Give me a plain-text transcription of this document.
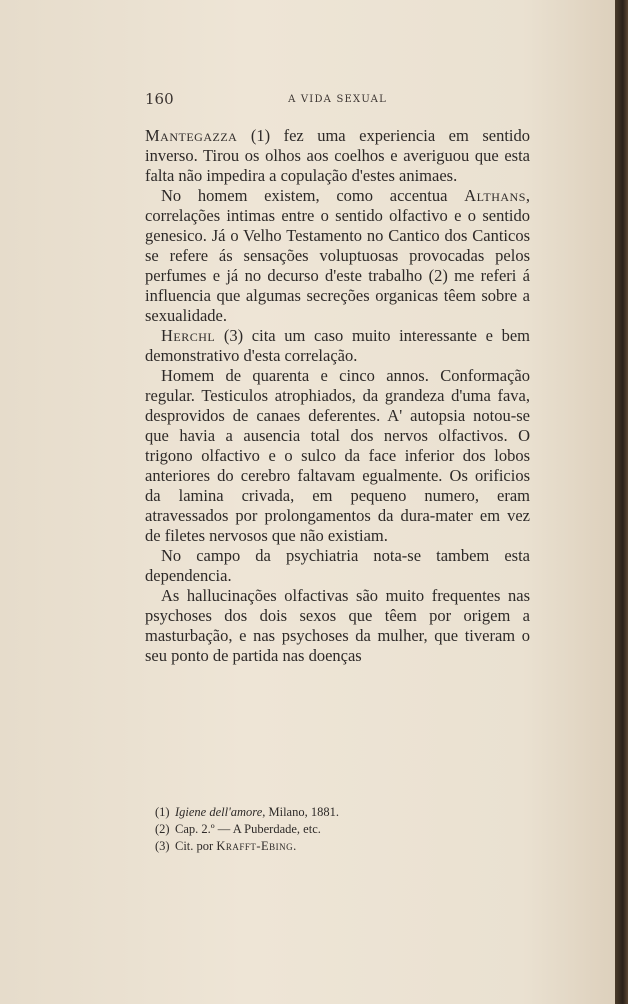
160	A VIDA SEXUAL

Mantegazza (1) fez uma experiencia em sentido inverso. Tirou os olhos aos coelhos e averiguou que esta falta não impedira a copulação d'estes animaes.

No homem existem, como accentua Althans, correlações intimas entre o sentido olfactivo e o sentido genesico. Já o Velho Testamento no Cantico dos Canticos se refere ás sensações voluptuosas provocadas pelos perfumes e já no decurso d'este trabalho (2) me referi á influencia que algumas secreções organicas têem sobre a sexualidade.

Herchl (3) cita um caso muito interessante e bem demonstrativo d'esta correlação.

Homem de quarenta e cinco annos. Conformação regular. Testiculos atrophiados, da grandeza d'uma fava, desprovidos de canaes deferentes. A' autopsia notou-se que havia a ausencia total dos nervos olfactivos. O trigono olfactivo e o sulco da face inferior dos lobos anteriores do cerebro faltavam egualmente. Os orificios da lamina crivada, em pequeno numero, eram atravessados por prolongamentos da dura-mater em vez de filetes nervosos que não existiam.

No campo da psychiatria nota-se tambem esta dependencia.

As hallucinações olfactivas são muito frequentes nas psychoses dos dois sexos que têem por origem a masturbação, e nas psychoses da mulher, que tiveram o seu ponto de partida nas doenças

(1) Igiene dell'amore, Milano, 1881.
(2) Cap. 2.º — A Puberdade, etc.
(3) Cit. por Krafft-Ebing.
